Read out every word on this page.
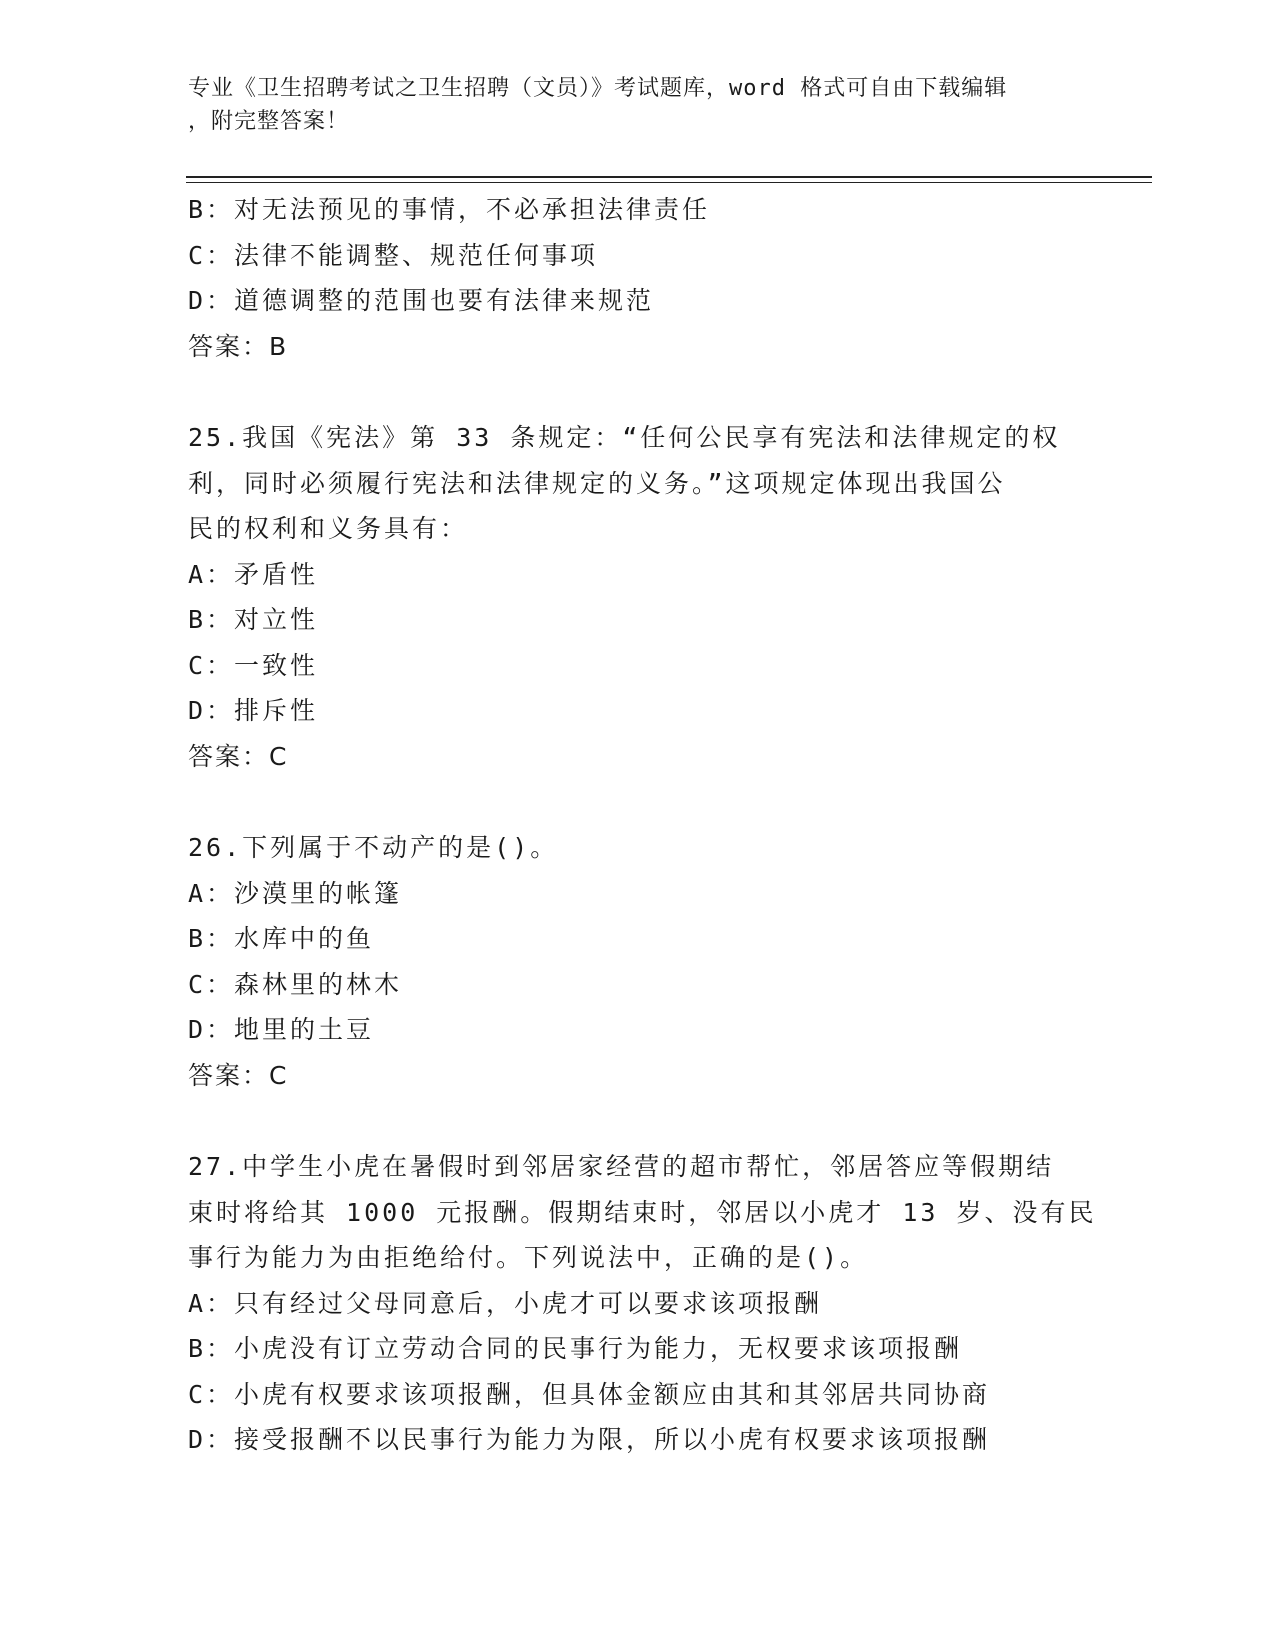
专业《卫生招聘考试之卫生招聘（文员）》考试题库，word 格式可自由下载编辑
，附完整答案！
B：对无法预见的事情，不必承担法律责任
C：法律不能调整、规范任何事项
D：道德调整的范围也要有法律来规范
答案：B
25.我国《宪法》第 33 条规定：“任何公民享有宪法和法律规定的权
利，同时必须履行宪法和法律规定的义务。”这项规定体现出我国公
民的权利和义务具有：
A：矛盾性
B：对立性
C：一致性
D：排斥性
答案：C
26.下列属于不动产的是()。
A：沙漠里的帐篷
B：水库中的鱼
C：森林里的林木
D：地里的土豆
答案：C
27.中学生小虎在暑假时到邻居家经营的超市帮忙，邻居答应等假期结
束时将给其 1000 元报酬。假期结束时，邻居以小虎才 13 岁、没有民
事行为能力为由拒绝给付。下列说法中，正确的是()。
A：只有经过父母同意后，小虎才可以要求该项报酬
B：小虎没有订立劳动合同的民事行为能力，无权要求该项报酬
C：小虎有权要求该项报酬，但具体金额应由其和其邻居共同协商
D：接受报酬不以民事行为能力为限，所以小虎有权要求该项报酬
